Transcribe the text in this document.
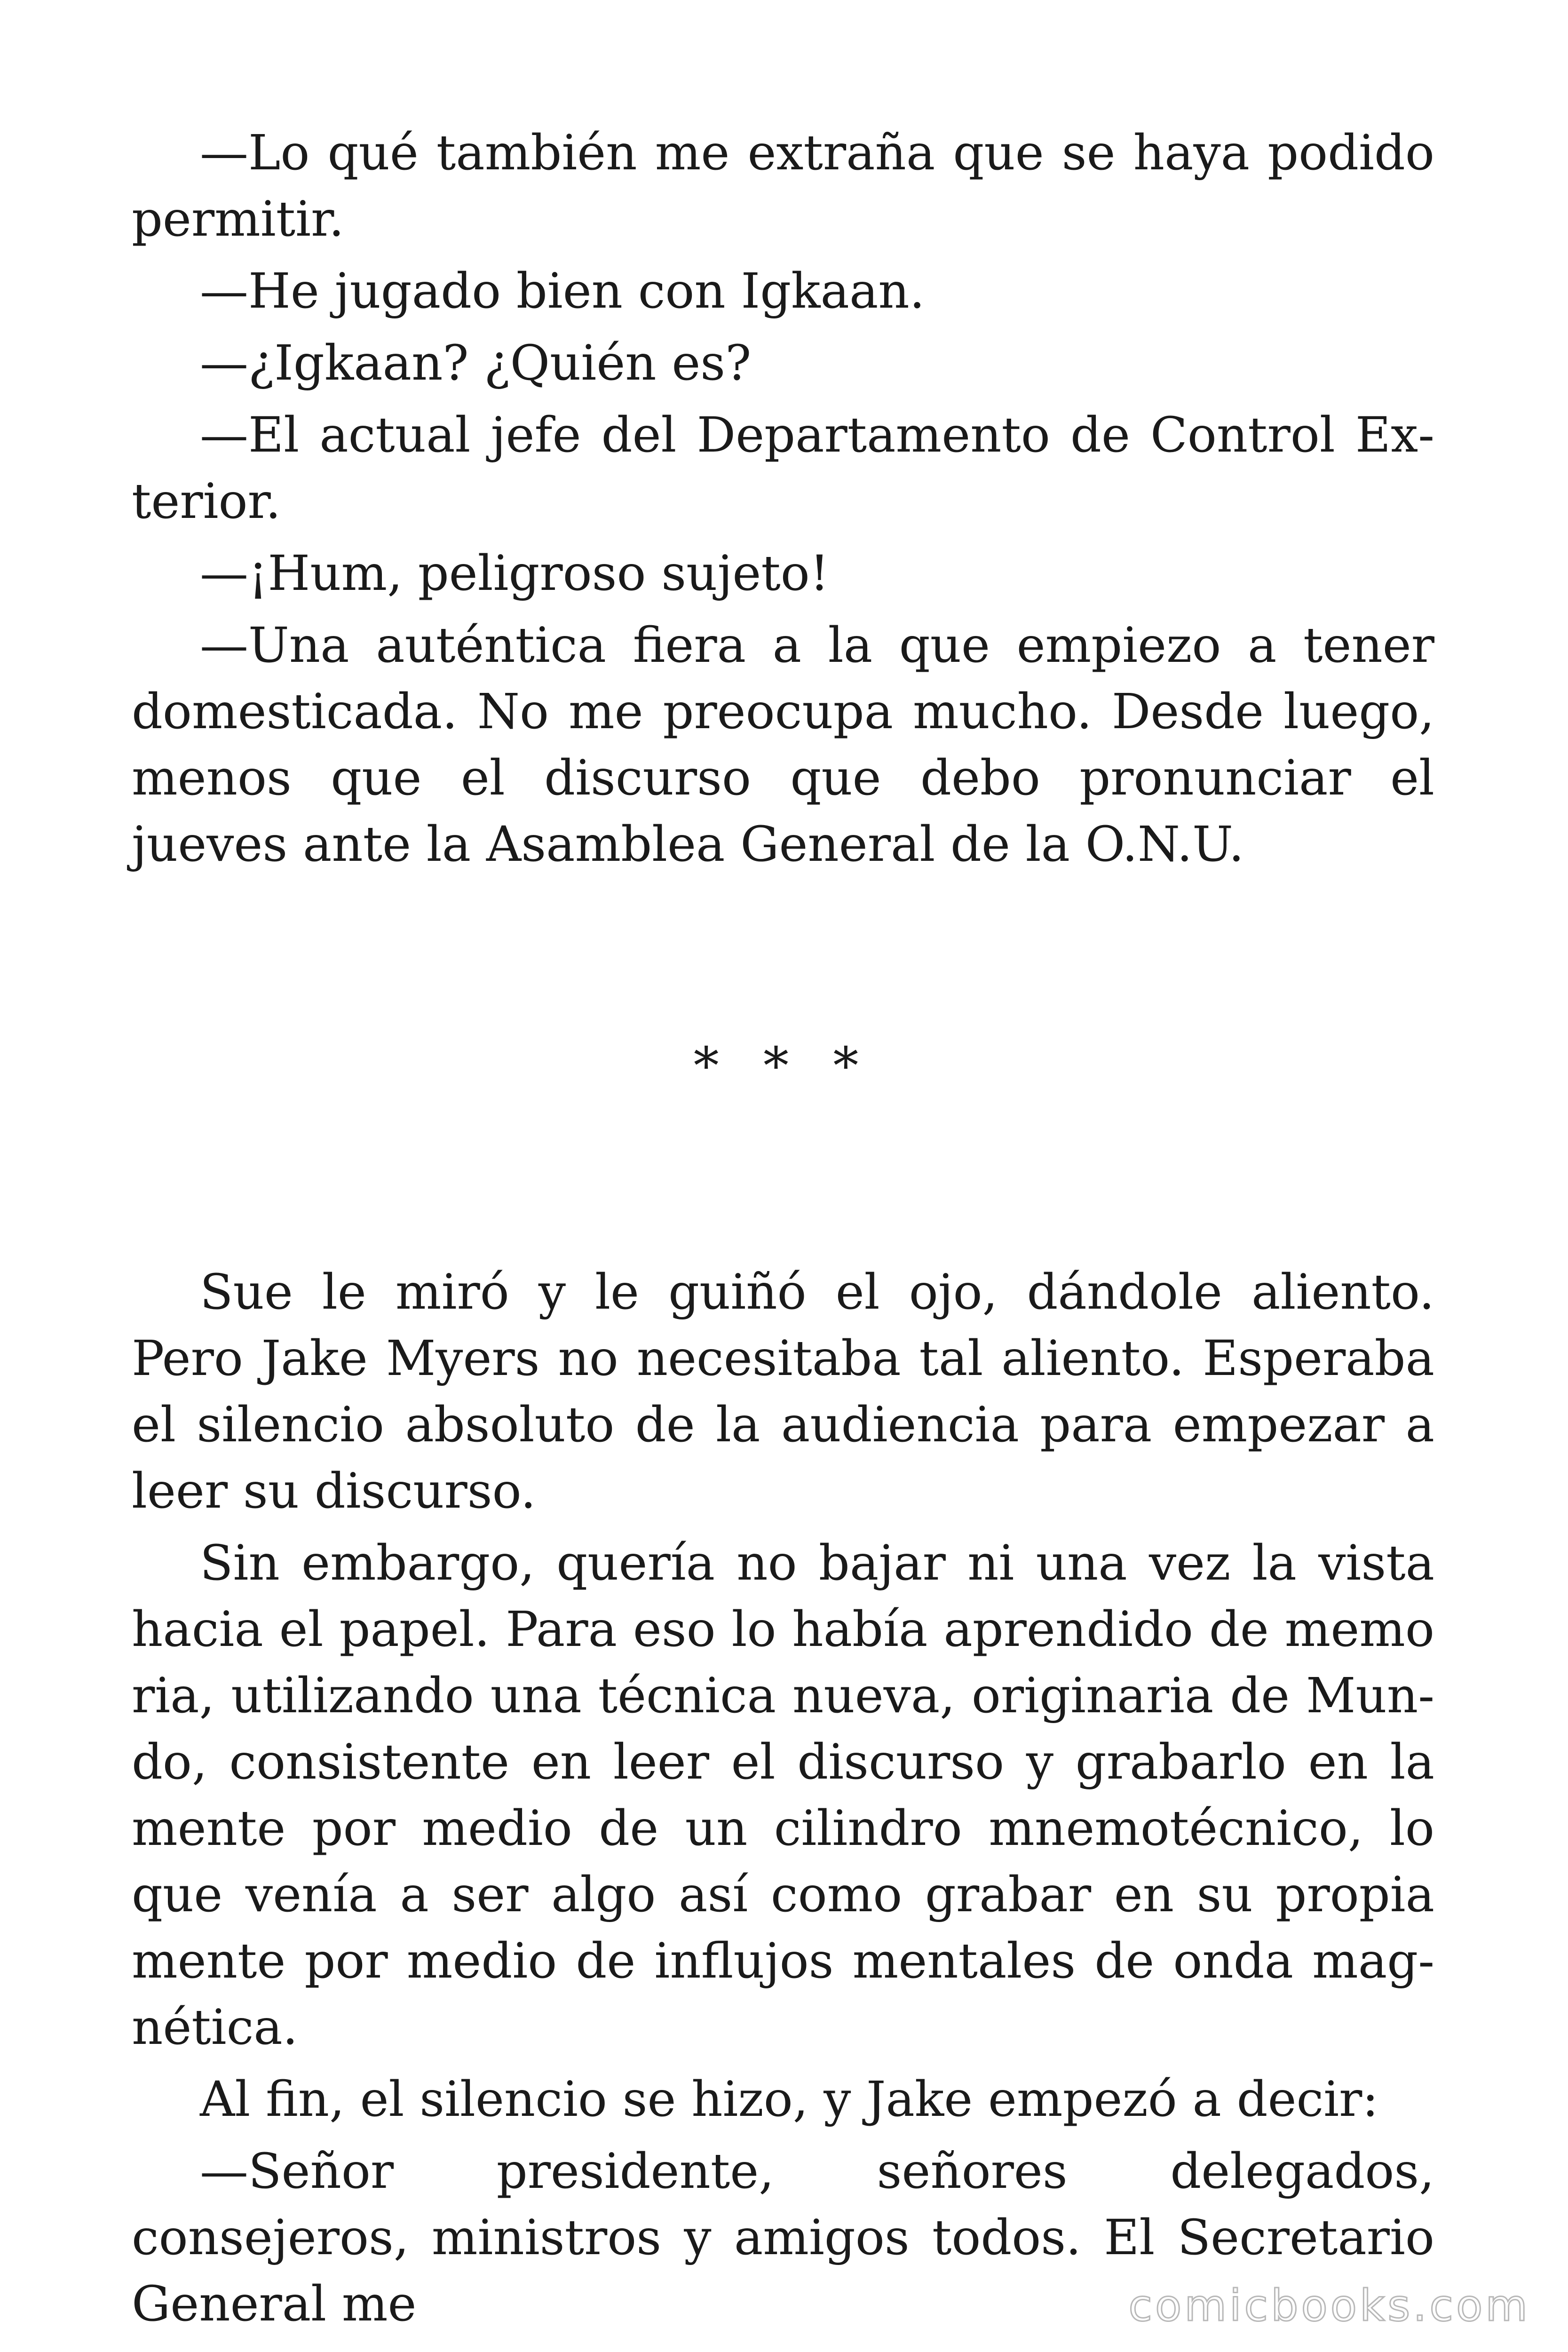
—Lo qué también me extraña que se haya podido permitir.

—He jugado bien con Igkaan.

—¿Igkaan? ¿Quién es?

—El actual jefe del Departamento de Control Exterior.

—¡Hum, peligroso sujeto!

—Una auténtica fiera a la que empiezo a tener domesticada. No me preocupa mucho. Desde luego, menos que el discurso que debo pronunciar el jueves ante la Asamblea General de la O.N.U.

* * *

Sue le miró y le guiñó el ojo, dándole aliento. Pero Jake Myers no necesitaba tal aliento. Esperaba el silencio absoluto de la audiencia para empezar a leer su discurso.

Sin embargo, quería no bajar ni una vez la vista hacia el papel. Para eso lo había aprendido de memo ria, utilizando una técnica nueva, originaria de Mundo, consistente en leer el discurso y grabarlo en la mente por medio de un cilindro mnemotécnico, lo que venía a ser algo así como grabar en su propia mente por medio de influjos mentales de onda magnética.

Al fin, el silencio se hizo, y Jake empezó a decir:

—Señor presidente, señores delegados, consejeros, ministros y amigos todos. El Secretario General me	comicbooks.com
